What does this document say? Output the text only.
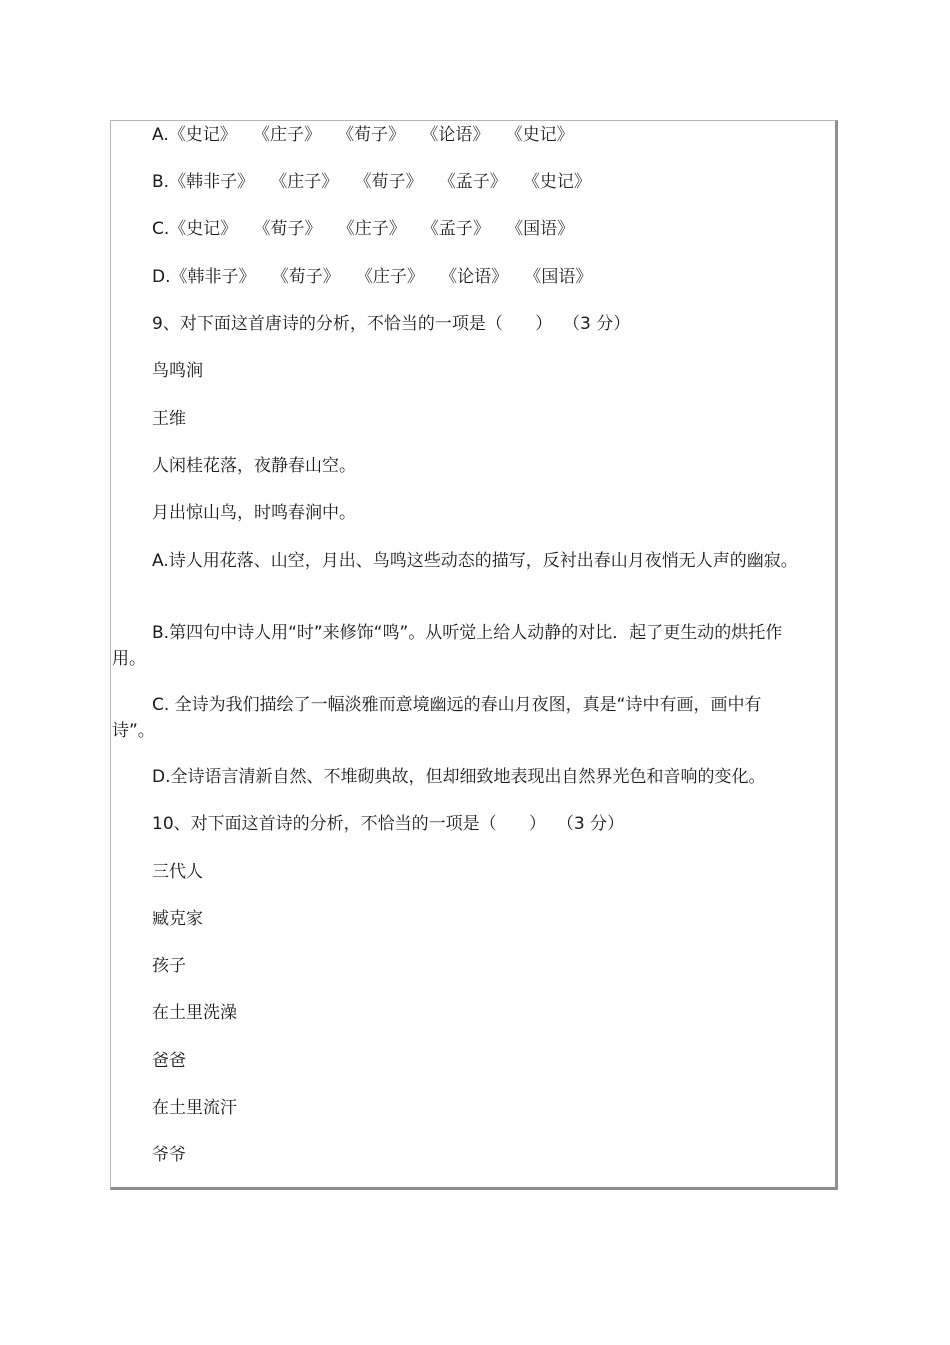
A.《史记》   《庄子》   《荀子》   《论语》   《史记》
B.《韩非子》   《庄子》   《荀子》   《孟子》   《史记》
C.《史记》   《荀子》   《庄子》   《孟子》   《国语》
D.《韩非子》   《荀子》   《庄子》   《论语》   《国语》
9、对下面这首唐诗的分析，不恰当的一项是（      ）  （3 分）
鸟鸣涧
王维
人闲桂花落，夜静春山空。
月出惊山鸟，时鸣春涧中。
A.诗人用花落、山空，月出、鸟鸣这些动态的描写，反衬出春山月夜悄无人声的幽寂。
B.第四句中诗人用“时”来修饰“鸣”。从听觉上给人动静的对比．起了更生动的烘托作用。
C. 全诗为我们描绘了一幅淡雅而意境幽远的春山月夜图，真是“诗中有画，画中有诗”。
D.全诗语言清新自然、不堆砌典故，但却细致地表现出自然界光色和音响的变化。
10、对下面这首诗的分析，不恰当的一项是（      ）  （3 分）
三代人
臧克家
孩子
在土里洗澡
爸爸
在土里流汗
爷爷
